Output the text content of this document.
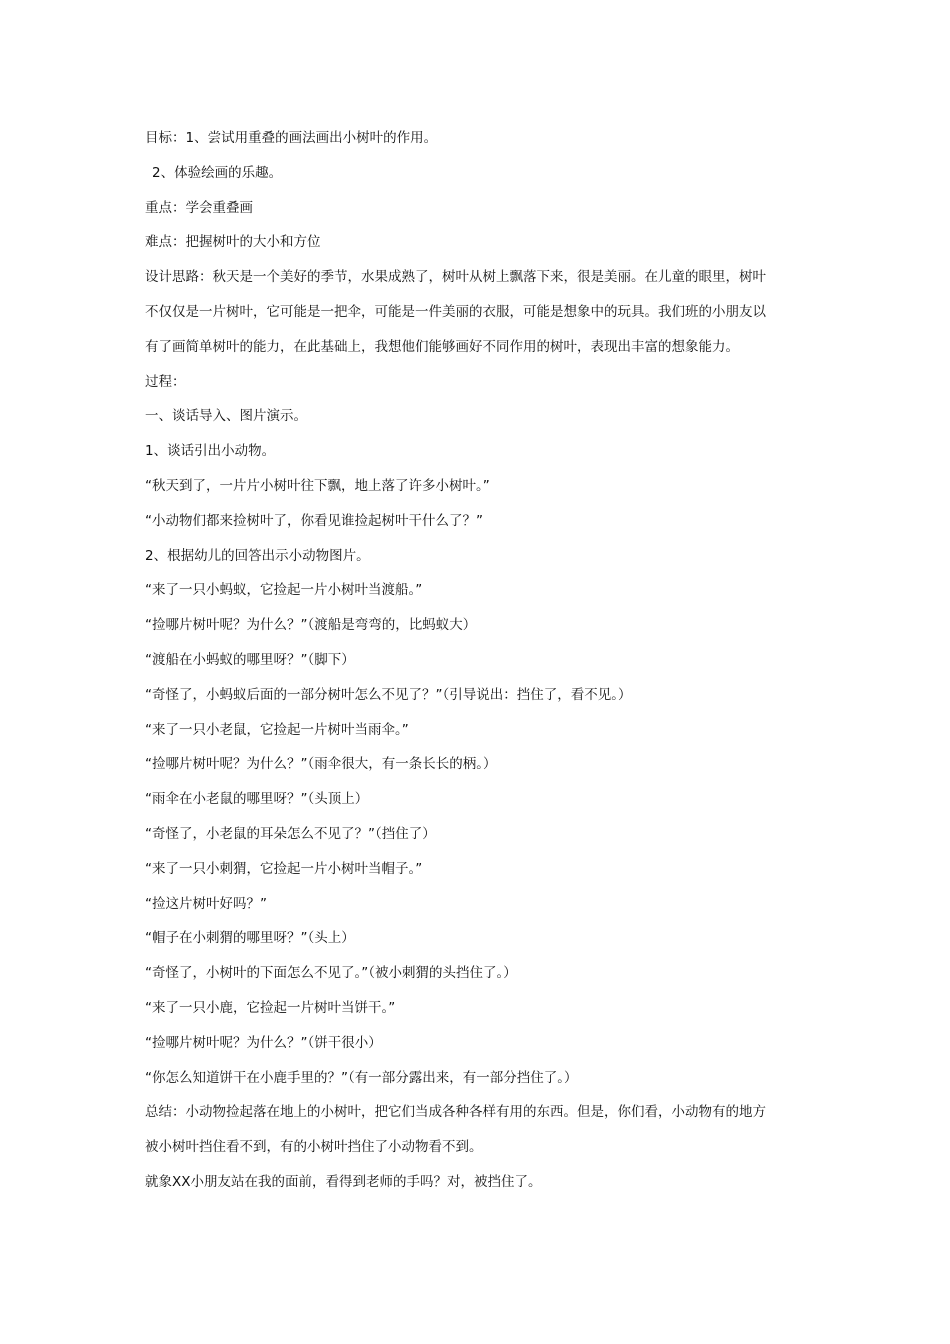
目标：1、尝试用重叠的画法画出小树叶的作用。
2、体验绘画的乐趣。
重点：学会重叠画
难点：把握树叶的大小和方位
设计思路：秋天是一个美好的季节，水果成熟了，树叶从树上飘落下来，很是美丽。在儿童的眼里，树叶
不仅仅是一片树叶，它可能是一把伞，可能是一件美丽的衣服，可能是想象中的玩具。我们班的小朋友以
有了画简单树叶的能力，在此基础上，我想他们能够画好不同作用的树叶，表现出丰富的想象能力。
过程：
一、谈话导入、图片演示。
1、谈话引出小动物。
“秋天到了，一片片小树叶往下飘，地上落了许多小树叶。”
“小动物们都来捡树叶了，你看见谁捡起树叶干什么了？”
2、根据幼儿的回答出示小动物图片。
“来了一只小蚂蚁，它捡起一片小树叶当渡船。”
“捡哪片树叶呢？为什么？”（渡船是弯弯的，比蚂蚁大）
“渡船在小蚂蚁的哪里呀？”（脚下）
“奇怪了，小蚂蚁后面的一部分树叶怎么不见了？”（引导说出：挡住了，看不见。）
“来了一只小老鼠，它捡起一片树叶当雨伞。”
“捡哪片树叶呢？为什么？”（雨伞很大，有一条长长的柄。）
“雨伞在小老鼠的哪里呀？”（头顶上）
“奇怪了，小老鼠的耳朵怎么不见了？”（挡住了）
“来了一只小刺猬，它捡起一片小树叶当帽子。”
“捡这片树叶好吗？”
“帽子在小刺猬的哪里呀？”（头上）
“奇怪了，小树叶的下面怎么不见了。”（被小刺猬的头挡住了。）
“来了一只小鹿，它捡起一片树叶当饼干。”
“捡哪片树叶呢？为什么？”（饼干很小）
“你怎么知道饼干在小鹿手里的？”（有一部分露出来，有一部分挡住了。）
总结：小动物捡起落在地上的小树叶，把它们当成各种各样有用的东西。但是，你们看，小动物有的地方
被小树叶挡住看不到，有的小树叶挡住了小动物看不到。
就象XX小朋友站在我的面前，看得到老师的手吗？对，被挡住了。
